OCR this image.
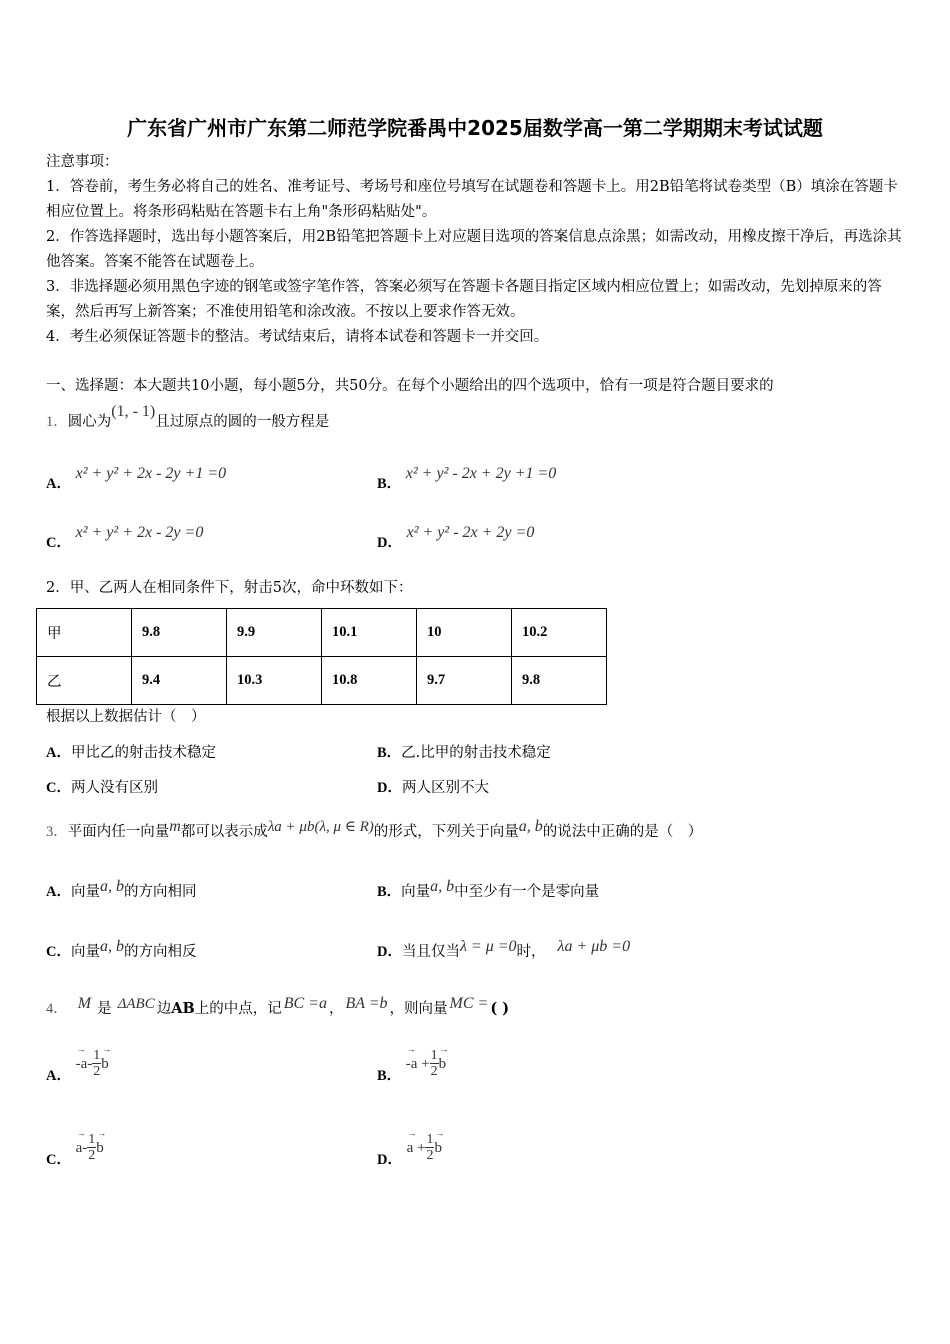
广东省广州市广东第二师范学院番禺中2025届数学高一第二学期期末考试试题
注意事项：
1．答卷前，考生务必将自己的姓名、准考证号、考场号和座位号填写在试题卷和答题卡上。用2B铅笔将试卷类型（B）填涂在答题卡相应位置上。将条形码粘贴在答题卡右上角"条形码粘贴处"。
2．作答选择题时，选出每小题答案后，用2B铅笔把答题卡上对应题目选项的答案信息点涂黑；如需改动，用橡皮擦干净后，再选涂其他答案。答案不能答在试题卷上。
3．非选择题必须用黑色字迹的钢笔或签字笔作答，答案必须写在答题卡各题目指定区域内相应位置上；如需改动，先划掉原来的答案，然后再写上新答案；不准使用铅笔和涂改液。不按以上要求作答无效。
4．考生必须保证答题卡的整洁。考试结束后，请将本试卷和答题卡一并交回。
一、选择题：本大题共10小题，每小题5分，共50分。在每个小题给出的四个选项中，恰有一项是符合题目要求的
1．圆心为(1, - 1)且过原点的圆的一般方程是
A． x² + y² + 2x - 2y +1 =0
B． x² + y² - 2x + 2y +1 =0
C． x² + y² + 2x - 2y =0
D． x² + y² - 2x + 2y =0
2．甲、乙两人在相同条件下，射击5次，命中环数如下：
甲	9.8	9.9	10.1	10	10.2
乙	9.4	10.3	10.8	9.7	9.8
根据以上数据估计（　）
A．甲比乙的射击技术稳定	B．乙.比甲的射击技术稳定
C．两人没有区别	D．两人区别不大
3．平面内任一向量m都可以表示成λa + μb(λ, μ ∈ R)的形式，下列关于向量a, b的说法中正确的是（　）
A．向量a, b的方向相同	B．向量a, b中至少有一个是零向量
C．向量a, b的方向相反	D．当且仅当λ = μ =0时， λa + μb =0
4． M 是 ΔABC 边AB上的中点，记 BC =a ， BA =b ，则向量 MC = ( )
A． → $-a- \frac{1}{2} \to b$
B． → $-a + \frac{1}{2} \to b$
C． → $a- \frac{1}{2} \to b$
D． → $a + \frac{1}{2} \to b$
